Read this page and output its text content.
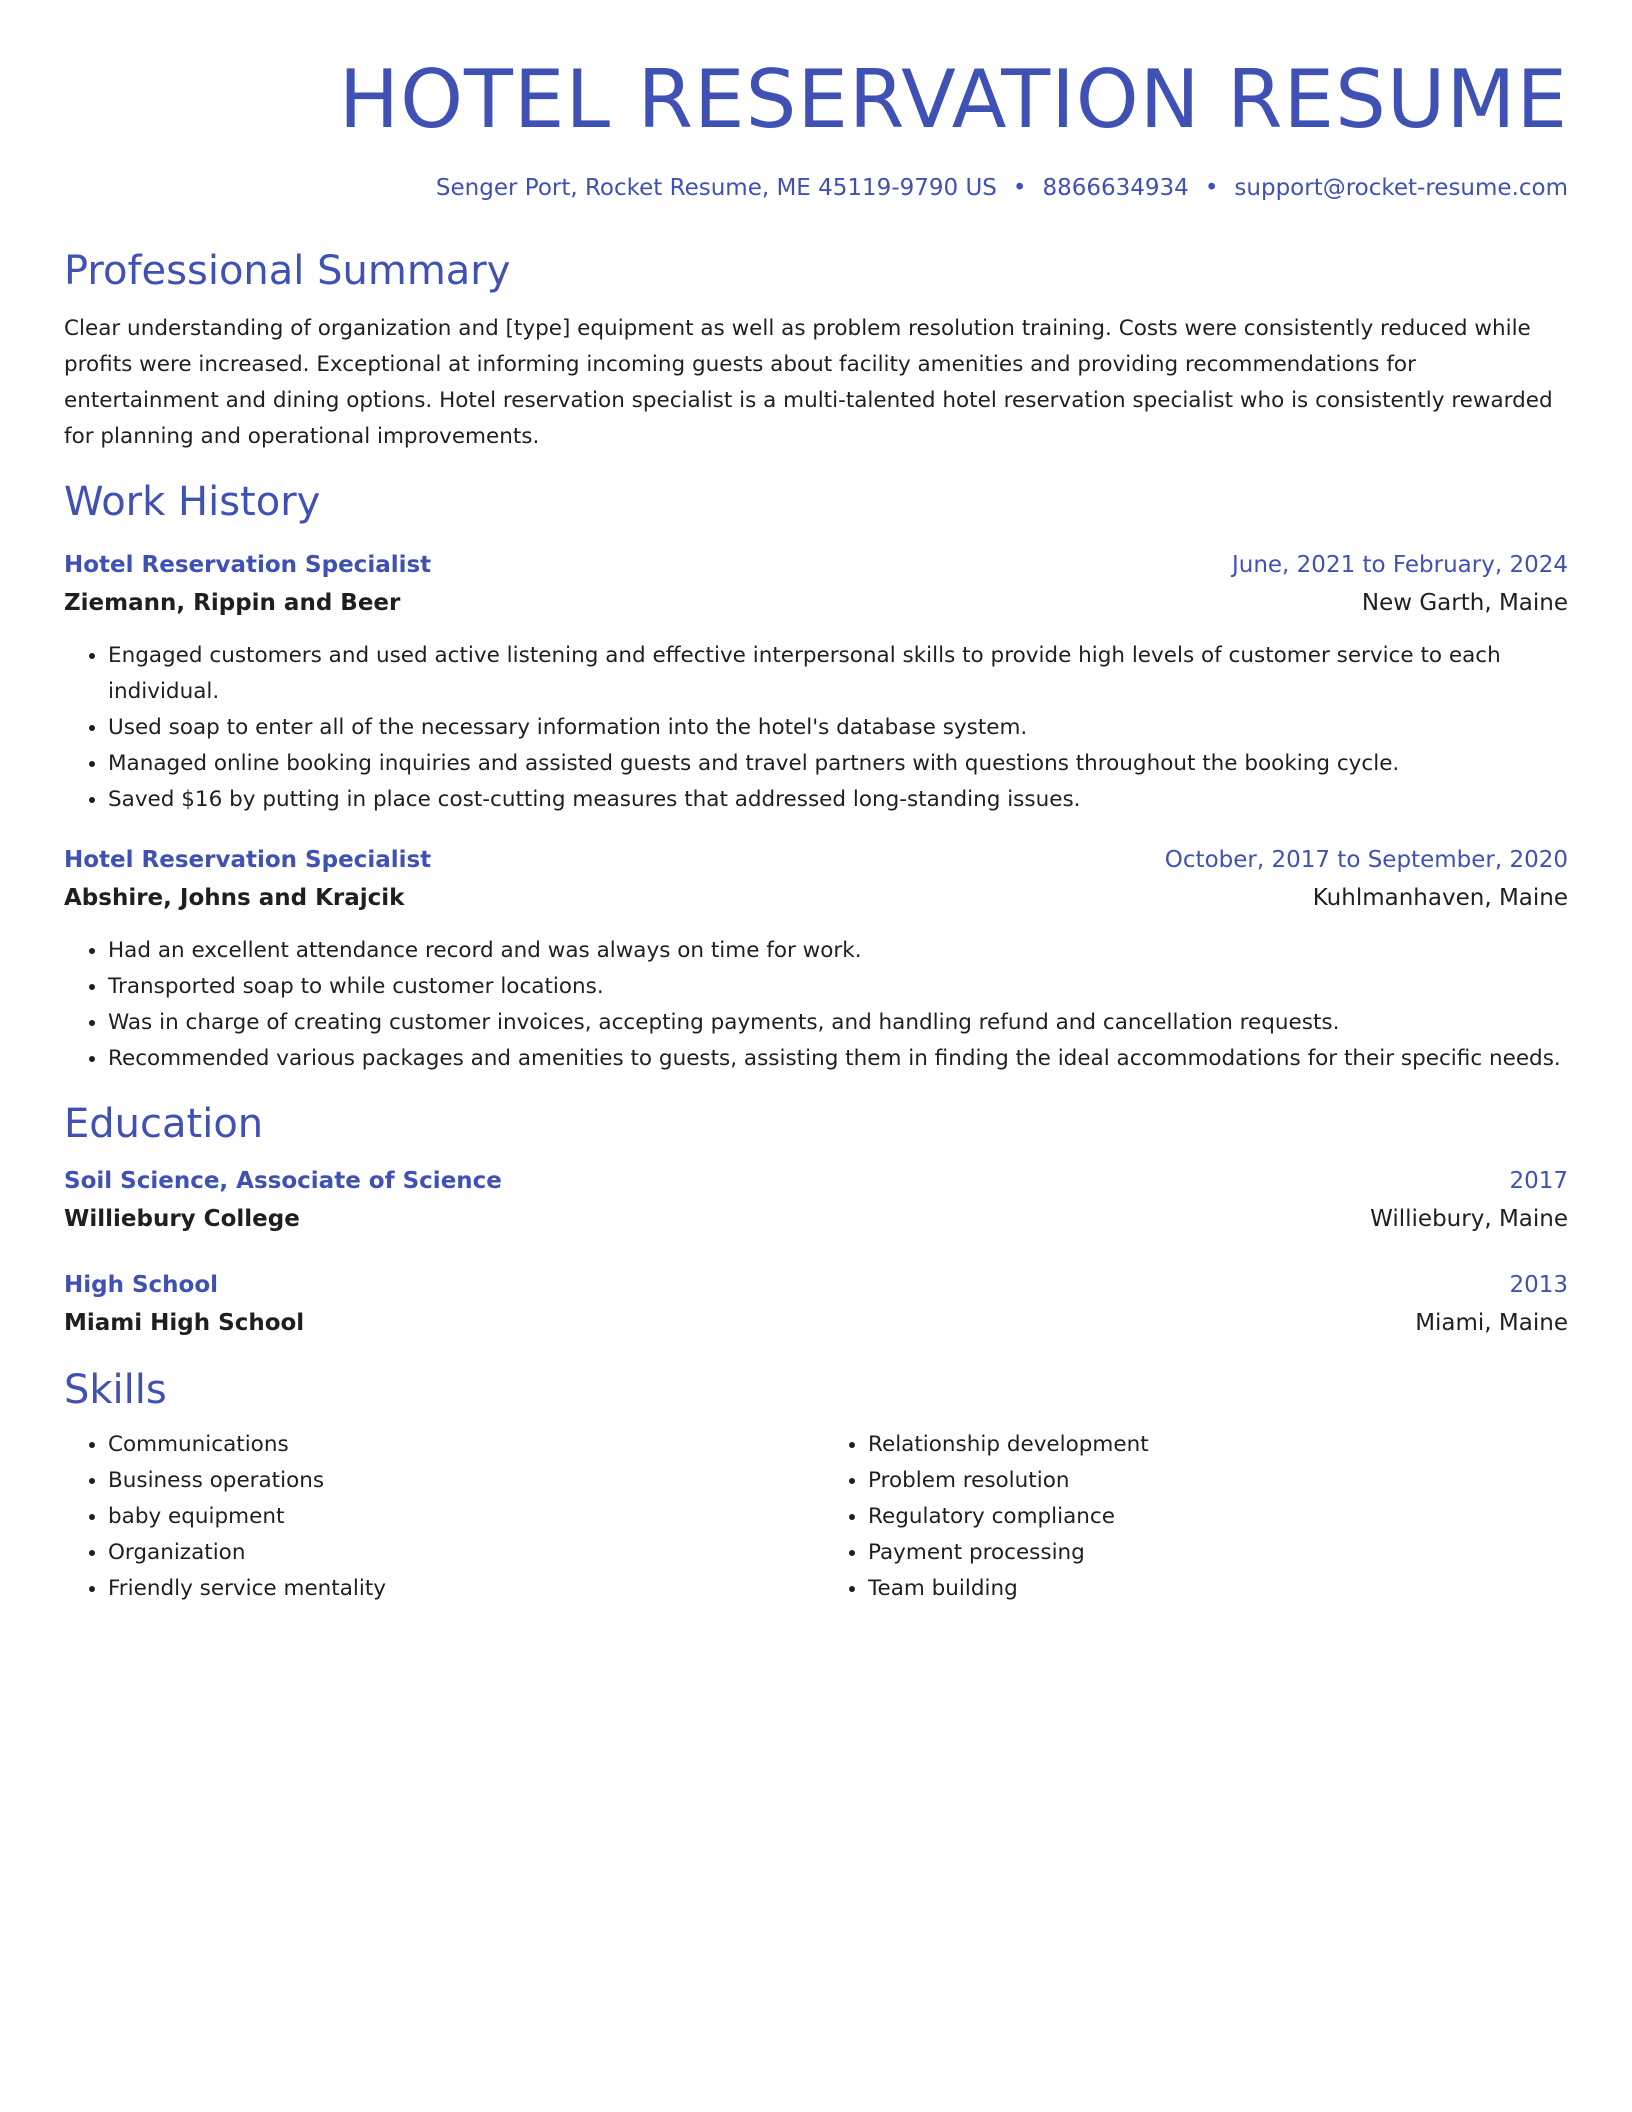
HOTEL RESERVATION RESUME
Senger Port, Rocket Resume, ME 45119-9790 US • 8866634934 • support@rocket-resume.com
Professional Summary

Clear understanding of organization and [type] equipment as well as problem resolution training. Costs were consistently reduced while profits were increased. Exceptional at informing incoming guests about facility amenities and providing recommendations for entertainment and dining options. Hotel reservation specialist is a multi-talented hotel reservation specialist who is consistently rewarded for planning and operational improvements.

Work History
Hotel Reservation Specialist	June, 2021 to February, 2024
Ziemann, Rippin and Beer	New Garth, Maine
• Engaged customers and used active listening and effective interpersonal skills to provide high levels of customer service to each individual.
• Used soap to enter all of the necessary information into the hotel's database system.
• Managed online booking inquiries and assisted guests and travel partners with questions throughout the booking cycle.
• Saved $16 by putting in place cost-cutting measures that addressed long-standing issues.
Hotel Reservation Specialist	October, 2017 to September, 2020
Abshire, Johns and Krajcik	Kuhlmanhaven, Maine
• Had an excellent attendance record and was always on time for work.
• Transported soap to while customer locations.
• Was in charge of creating customer invoices, accepting payments, and handling refund and cancellation requests.
• Recommended various packages and amenities to guests, assisting them in finding the ideal accommodations for their specific needs.
Education
Soil Science, Associate of Science	2017
Williebury College	Williebury, Maine
High School	2013
Miami High School	Miami, Maine
Skills
• Communications
• Business operations
• baby equipment
• Organization
• Friendly service mentality
• Relationship development
• Problem resolution
• Regulatory compliance
• Payment processing
• Team building
